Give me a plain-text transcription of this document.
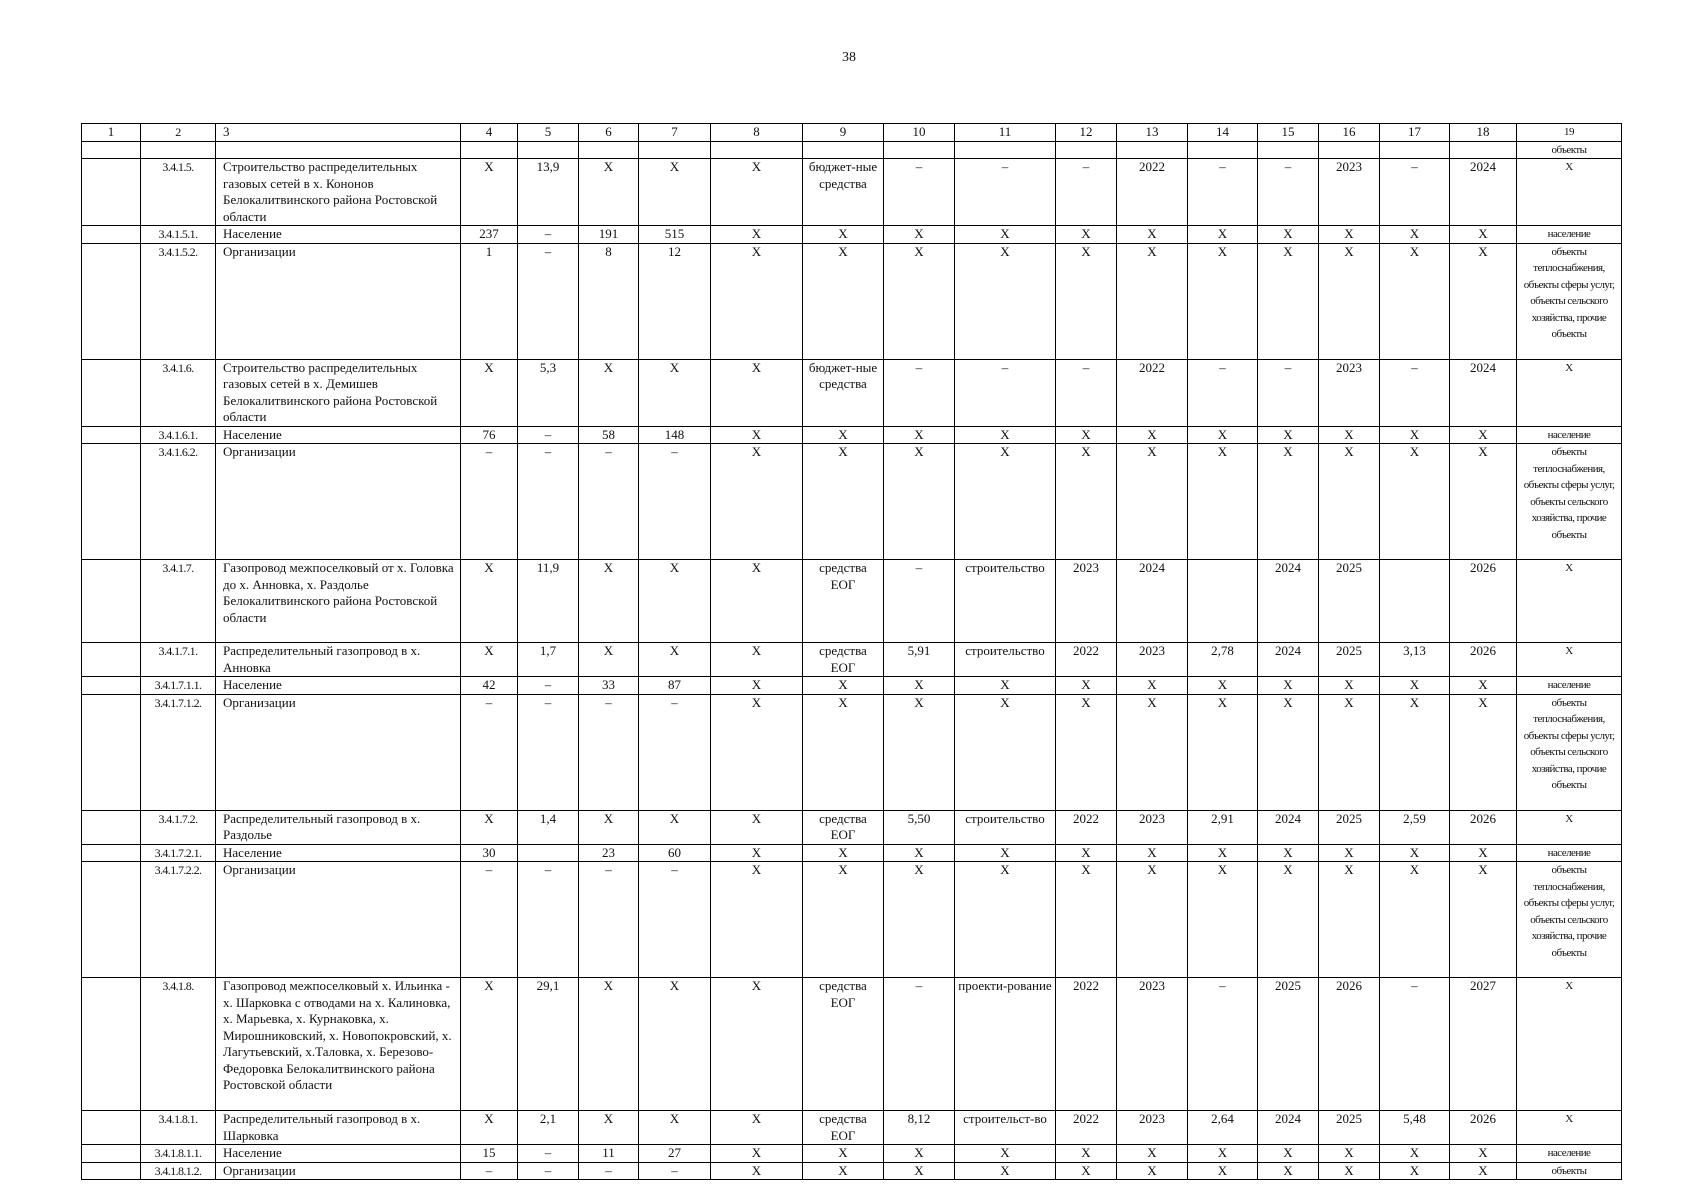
38
1	2	3	4	5	6	7	8	9	10	11	12	13	14	15	16	17	18	19
																		объекты
	3.4.1.5.	Строительство распределительных газовых сетей в х. Кононов Белокалитвинского района Ростовской области	X	13,9	X	X	X	бюджет-ные средства	–	–	–	2022	–	–	2023	–	2024	X
	3.4.1.5.1.	Население	237	–	191	515	X	X	X	X	X	X	X	X	X	X	X	население
	3.4.1.5.2.	Организации	1	–	8	12	X	X	X	X	X	X	X	X	X	X	X	объекты теплоснабжения, объекты сферы услуг, объекты сельского хозяйства, прочие объекты
	3.4.1.6.	Строительство распределительных газовых сетей в х. Демишев Белокалитвинского района Ростовской области	X	5,3	X	X	X	бюджет-ные средства	–	–	–	2022	–	–	2023	–	2024	X
	3.4.1.6.1.	Население	76	–	58	148	X	X	X	X	X	X	X	X	X	X	X	население
	3.4.1.6.2.	Организации	–	–	–	–	X	X	X	X	X	X	X	X	X	X	X	объекты теплоснабжения, объекты сферы услуг, объекты сельского хозяйства, прочие объекты
	3.4.1.7.	Газопровод межпоселковый от х. Головка до х. Анновка, х. Раздолье Белокалитвинского района Ростовской области	X	11,9	X	X	X	средства ЕОГ	–	строительство	2023	2024		2024	2025		2026	X
	3.4.1.7.1.	Распределительный газопровод в х. Анновка	X	1,7	X	X	X	средства ЕОГ	5,91	строительство	2022	2023	2,78	2024	2025	3,13	2026	X
	3.4.1.7.1.1.	Население	42	–	33	87	X	X	X	X	X	X	X	X	X	X	X	население
	3.4.1.7.1.2.	Организации	–	–	–	–	X	X	X	X	X	X	X	X	X	X	X	объекты теплоснабжения, объекты сферы услуг, объекты сельского хозяйства, прочие объекты
	3.4.1.7.2.	Распределительный газопровод в х. Раздолье	X	1,4	X	X	X	средства ЕОГ	5,50	строительство	2022	2023	2,91	2024	2025	2,59	2026	X
	3.4.1.7.2.1.	Население	30		23	60	X	X	X	X	X	X	X	X	X	X	X	население
	3.4.1.7.2.2.	Организации	–	–	–	–	X	X	X	X	X	X	X	X	X	X	X	объекты теплоснабжения, объекты сферы услуг, объекты сельского хозяйства, прочие объекты
	3.4.1.8.	Газопровод межпоселковый х. Ильинка - х. Шарковка с отводами на х. Калиновка, х. Марьевка, х. Курнаковка, х. Мирошниковский, х. Новопокровский, х. Лагутьевский, х.Таловка, х. Березово-Федоровка Белокалитвинского района Ростовской области	X	29,1	X	X	X	средства ЕОГ	–	проекти-рование	2022	2023	–	2025	2026	–	2027	X
	3.4.1.8.1.	Распределительный газопровод в х. Шарковка	X	2,1	X	X	X	средства ЕОГ	8,12	строительст-во	2022	2023	2,64	2024	2025	5,48	2026	X
	3.4.1.8.1.1.	Население	15	–	11	27	X	X	X	X	X	X	X	X	X	X	X	население
	3.4.1.8.1.2.	Организации	–	–	–	–	X	X	X	X	X	X	X	X	X	X	X	объекты
